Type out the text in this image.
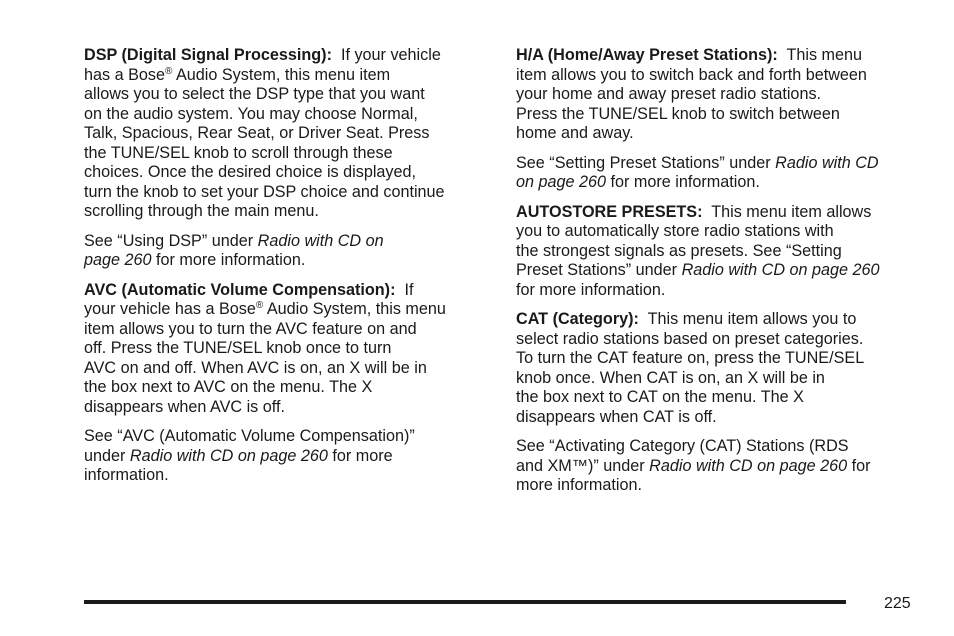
DSP (Digital Signal Processing): If your vehicle
has a Bose® Audio System, this menu item
allows you to select the DSP type that you want
on the audio system. You may choose Normal,
Talk, Spacious, Rear Seat, or Driver Seat. Press
the TUNE/SEL knob to scroll through these
choices. Once the desired choice is displayed,
turn the knob to set your DSP choice and continue
scrolling through the main menu.
See “Using DSP” under Radio with CD on
page 260 for more information.
AVC (Automatic Volume Compensation): If
your vehicle has a Bose® Audio System, this menu
item allows you to turn the AVC feature on and
off. Press the TUNE/SEL knob once to turn
AVC on and off. When AVC is on, an X will be in
the box next to AVC on the menu. The X
disappears when AVC is off.
See “AVC (Automatic Volume Compensation)”
under Radio with CD on page 260 for more
information.
H/A (Home/Away Preset Stations): This menu
item allows you to switch back and forth between
your home and away preset radio stations.
Press the TUNE/SEL knob to switch between
home and away.
See “Setting Preset Stations” under Radio with CD
on page 260 for more information.
AUTOSTORE PRESETS: This menu item allows
you to automatically store radio stations with
the strongest signals as presets. See “Setting
Preset Stations” under Radio with CD on page 260
for more information.
CAT (Category): This menu item allows you to
select radio stations based on preset categories.
To turn the CAT feature on, press the TUNE/SEL
knob once. When CAT is on, an X will be in
the box next to CAT on the menu. The X
disappears when CAT is off.
See “Activating Category (CAT) Stations (RDS
and XM™)” under Radio with CD on page 260 for
more information.
225
